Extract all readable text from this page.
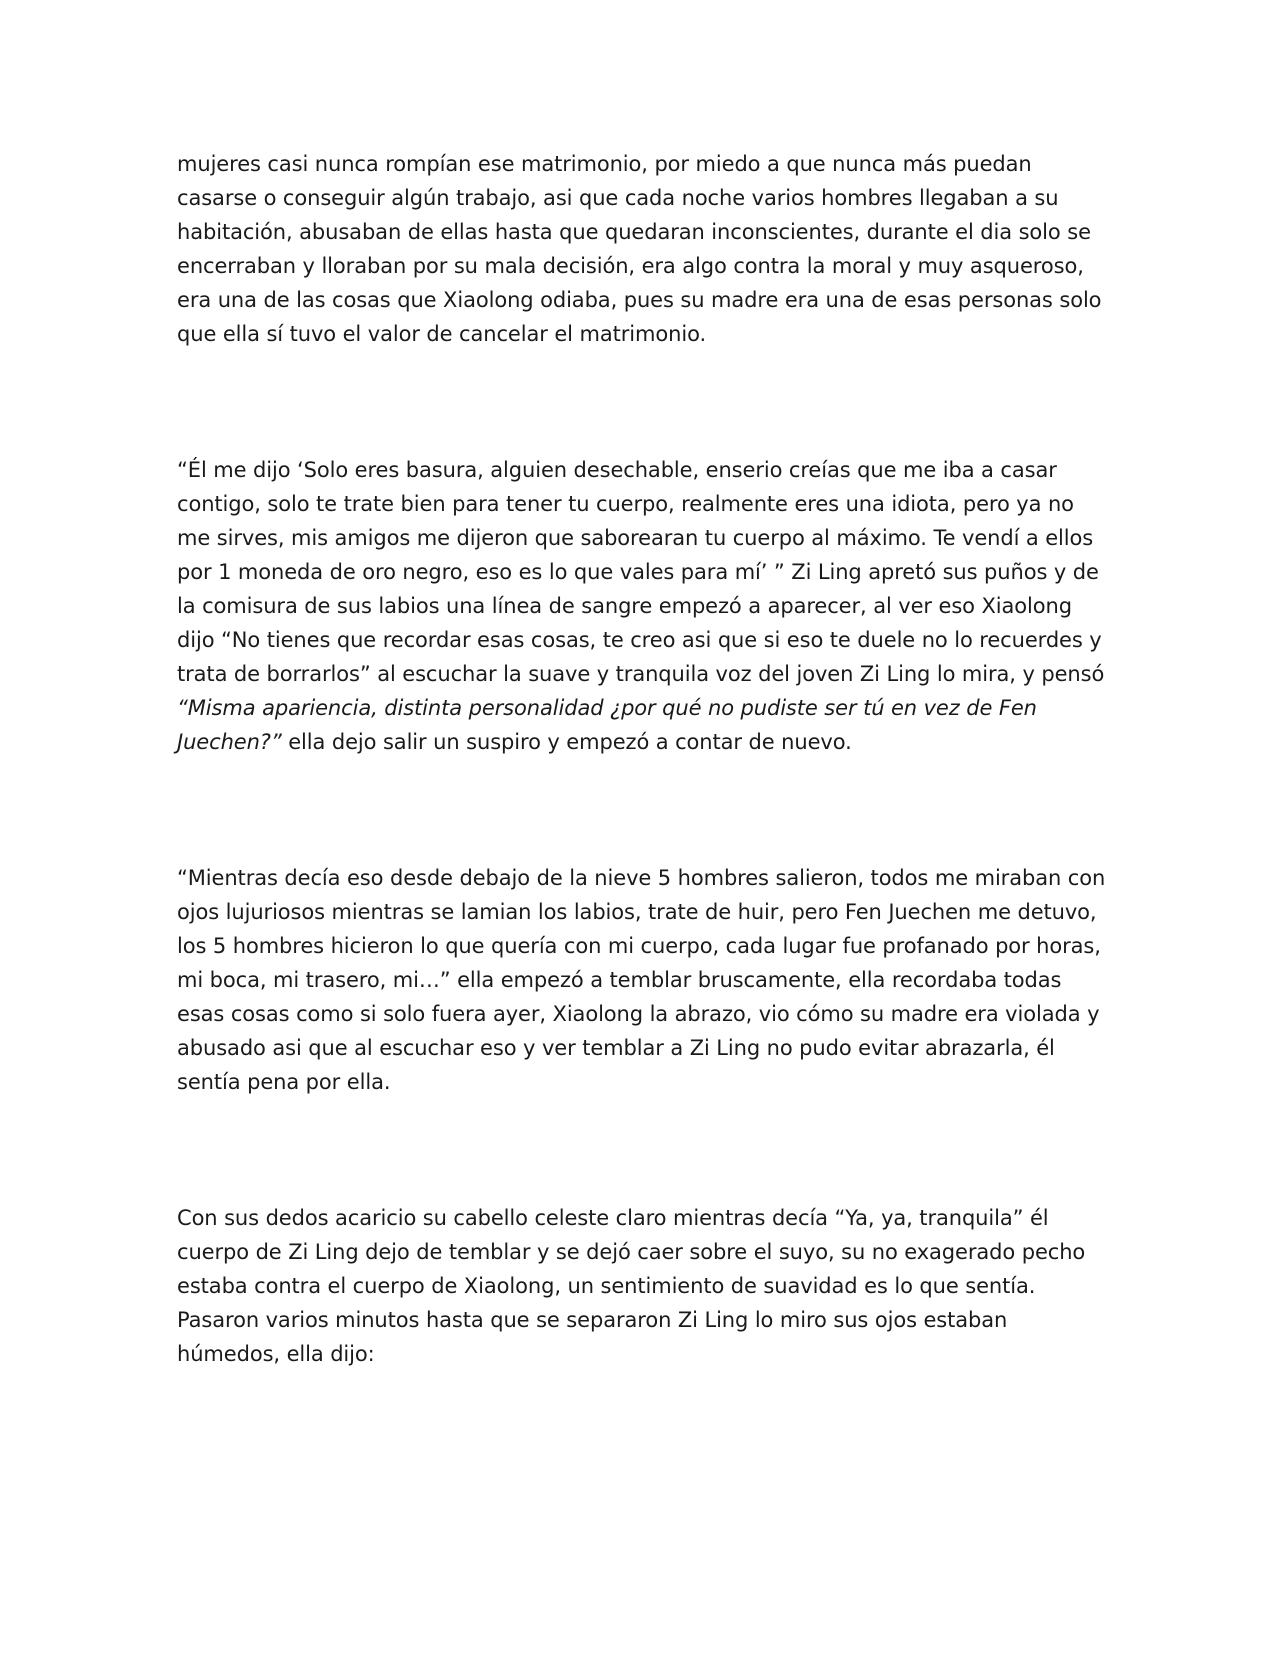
mujeres casi nunca rompían ese matrimonio, por miedo a que nunca más puedan casarse o conseguir algún trabajo, asi que cada noche varios hombres llegaban a su habitación, abusaban de ellas hasta que quedaran inconscientes, durante el dia solo se encerraban y lloraban por su mala decisión, era algo contra la moral y muy asqueroso, era una de las cosas que Xiaolong odiaba, pues su madre era una de esas personas solo que ella sí tuvo el valor de cancelar el matrimonio.

“Él me dijo ‘Solo eres basura, alguien desechable, enserio creías que me iba a casar contigo, solo te trate bien para tener tu cuerpo, realmente eres una idiota, pero ya no me sirves, mis amigos me dijeron que saborearan tu cuerpo al máximo. Te vendí a ellos por 1 moneda de oro negro, eso es lo que vales para mí’ ” Zi Ling apretó sus puños y de la comisura de sus labios una línea de sangre empezó a aparecer, al ver eso Xiaolong dijo “No tienes que recordar esas cosas, te creo asi que si eso te duele no lo recuerdes y trata de borrarlos” al escuchar la suave y tranquila voz del joven Zi Ling lo mira, y pensó “Misma apariencia, distinta personalidad ¿por qué no pudiste ser tú en vez de Fen Juechen?” ella dejo salir un suspiro y empezó a contar de nuevo.

“Mientras decía eso desde debajo de la nieve 5 hombres salieron, todos me miraban con ojos lujuriosos mientras se lamian los labios, trate de huir, pero Fen Juechen me detuvo, los 5 hombres hicieron lo que quería con mi cuerpo, cada lugar fue profanado por horas, mi boca, mi trasero, mi…” ella empezó a temblar bruscamente, ella recordaba todas esas cosas como si solo fuera ayer, Xiaolong la abrazo, vio cómo su madre era violada y abusado asi que al escuchar eso y ver temblar a Zi Ling no pudo evitar abrazarla, él sentía pena por ella.

Con sus dedos acaricio su cabello celeste claro mientras decía “Ya, ya, tranquila” él cuerpo de Zi Ling dejo de temblar y se dejó caer sobre el suyo, su no exagerado pecho estaba contra el cuerpo de Xiaolong, un sentimiento de suavidad es lo que sentía. Pasaron varios minutos hasta que se separaron Zi Ling lo miro sus ojos estaban húmedos, ella dijo:
